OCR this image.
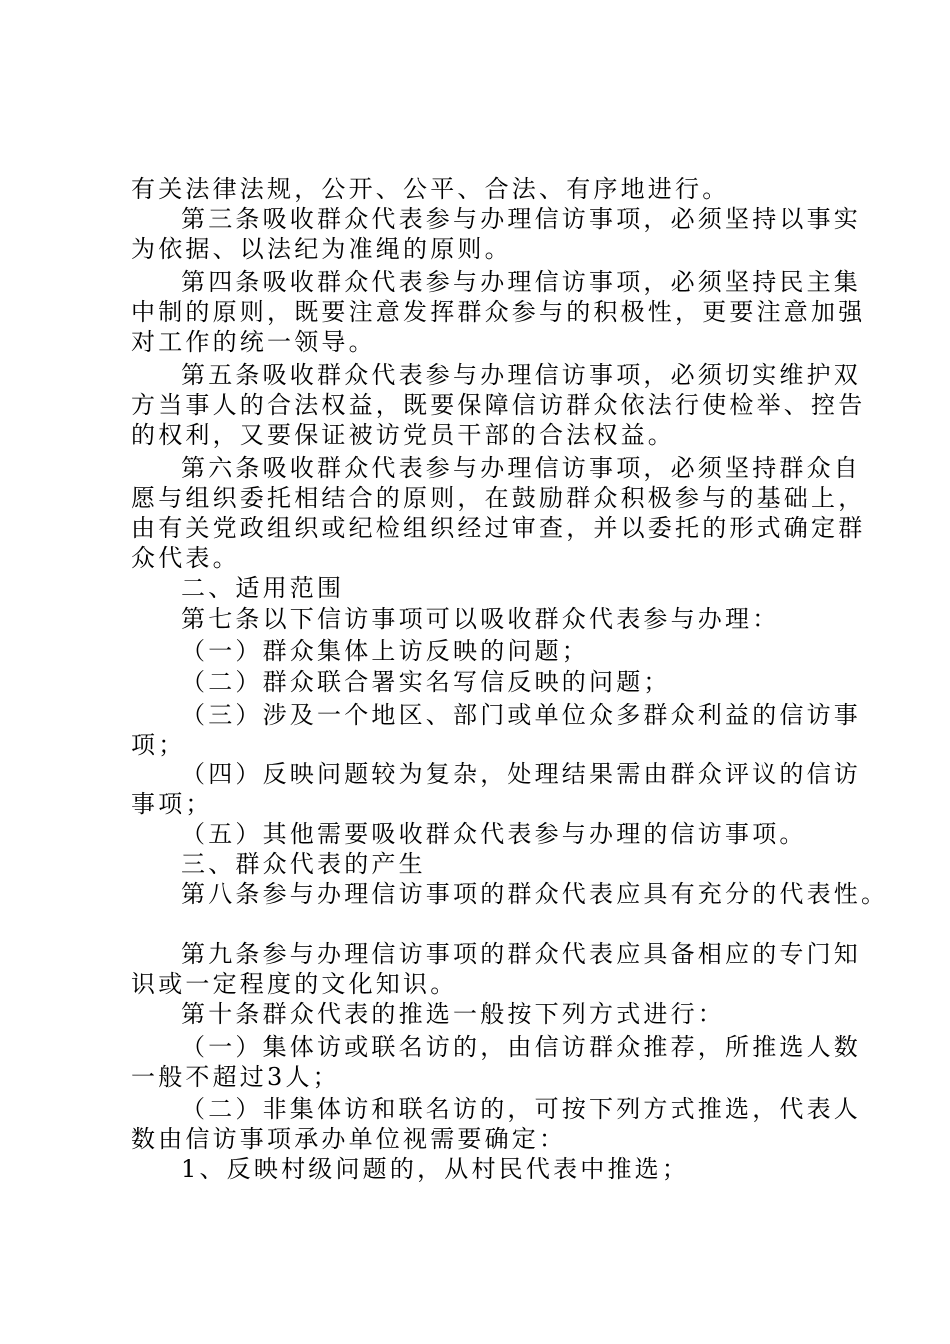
有关法律法规，公开、公平、合法、有序地进行。
第三条吸收群众代表参与办理信访事项，必须坚持以事实
为依据、以法纪为准绳的原则。
第四条吸收群众代表参与办理信访事项，必须坚持民主集
中制的原则，既要注意发挥群众参与的积极性，更要注意加强
对工作的统一领导。
第五条吸收群众代表参与办理信访事项，必须切实维护双
方当事人的合法权益，既要保障信访群众依法行使检举、控告
的权利，又要保证被访党员干部的合法权益。
第六条吸收群众代表参与办理信访事项，必须坚持群众自
愿与组织委托相结合的原则，在鼓励群众积极参与的基础上，
由有关党政组织或纪检组织经过审查，并以委托的形式确定群
众代表。
二、适用范围
第七条以下信访事项可以吸收群众代表参与办理：
（一）群众集体上访反映的问题；
（二）群众联合署实名写信反映的问题；
（三）涉及一个地区、部门或单位众多群众利益的信访事
项；
（四）反映问题较为复杂，处理结果需由群众评议的信访
事项；
（五）其他需要吸收群众代表参与办理的信访事项。
三、群众代表的产生
第八条参与办理信访事项的群众代表应具有充分的代表性。
第九条参与办理信访事项的群众代表应具备相应的专门知
识或一定程度的文化知识。
第十条群众代表的推选一般按下列方式进行：
（一）集体访或联名访的，由信访群众推荐，所推选人数
一般不超过3人；
（二）非集体访和联名访的，可按下列方式推选，代表人
数由信访事项承办单位视需要确定：
1、反映村级问题的，从村民代表中推选；
